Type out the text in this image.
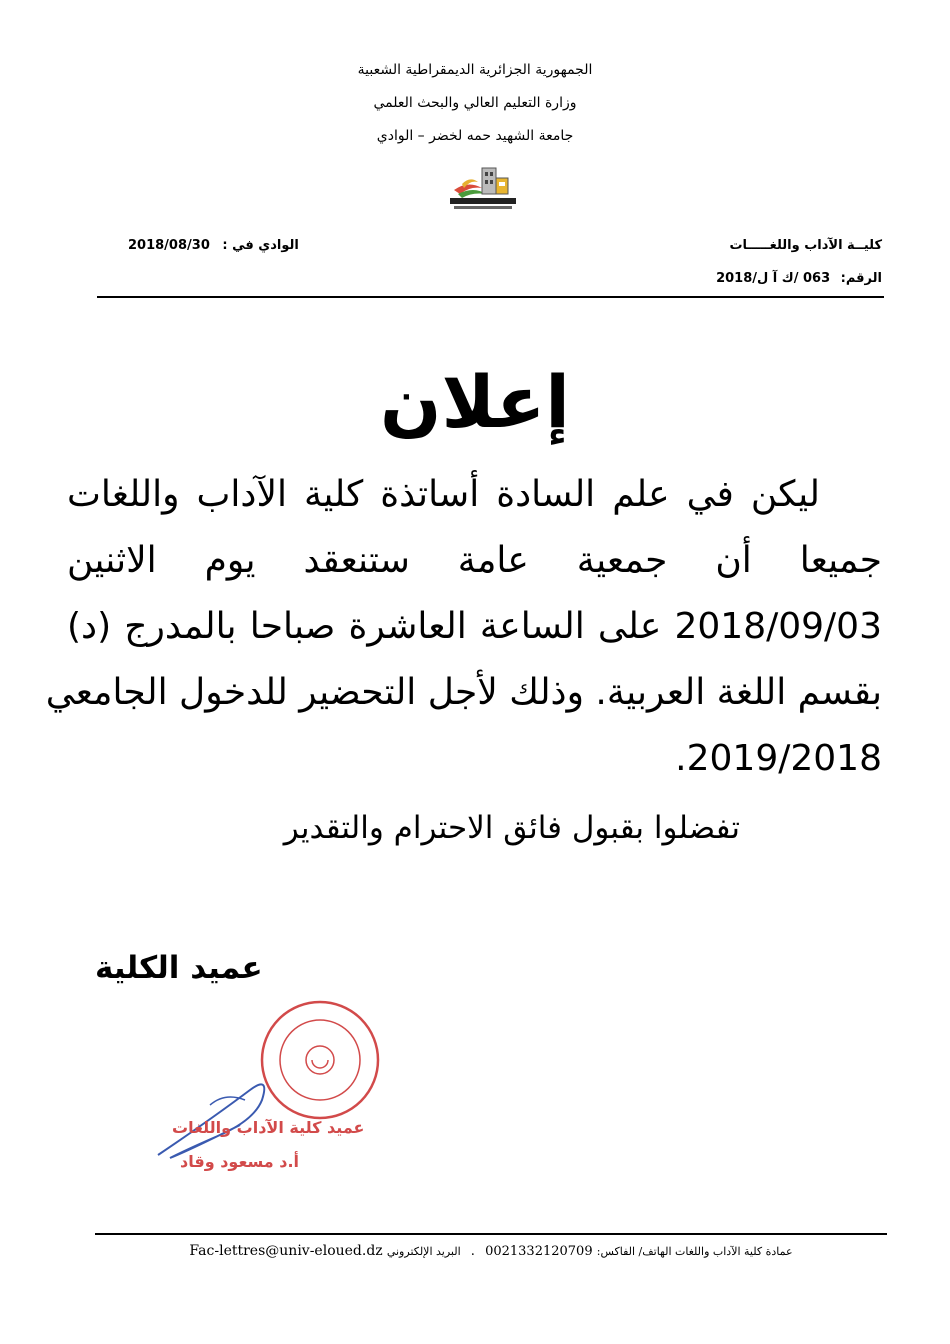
الجمهورية الجزائرية الديمقراطية الشعبية
وزارة التعليم العالي والبحث العلمي
جامعة الشهيد حمه لخضر – الوادي
كليــة الآداب واللغـــــات
الرقم: 063 /ك آ ل/2018
الوادي في : 2018/08/30
إعلان
ليكن في علم السادة أساتذة كلية الآداب واللغات
جميعا أن جمعية عامة ستنعقد يوم الاثنين
2018/09/03 على الساعة العاشرة صباحا بالمدرج (د)
بقسم اللغة العربية. وذلك لأجل التحضير للدخول الجامعي
2019/2018.
تفضلوا بقبول فائق الاحترام والتقدير
عميد الكلية
عميد كلية الآداب واللغات
أ.د مسعود وقاد
عمادة كلية الآداب واللغات الهاتف/ الفاكس: 0021332120709 . البريد الإلكتروني Fac-lettres@univ-eloued.dz
